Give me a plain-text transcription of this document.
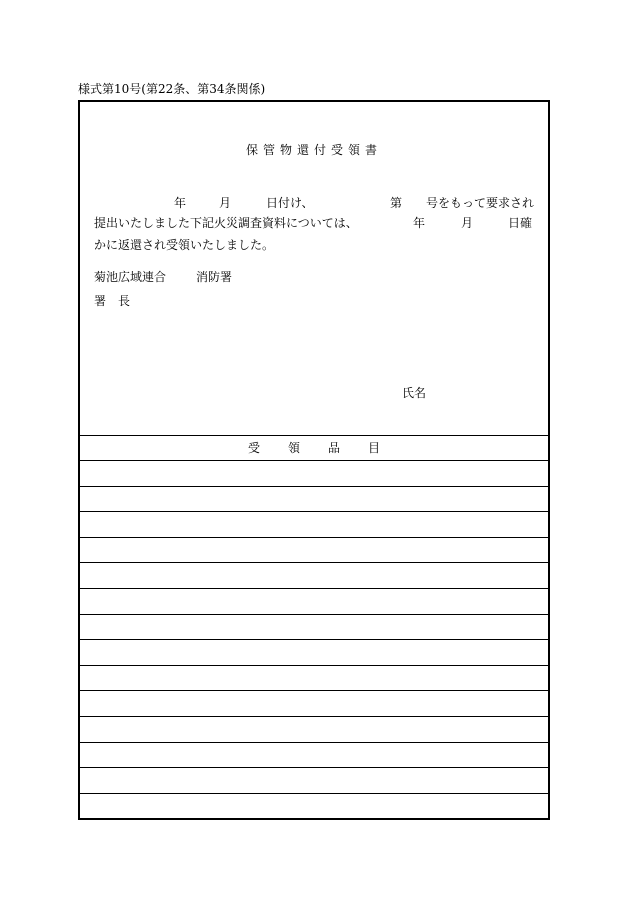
様式第10号(第22条、第34条関係)
保管物還付受領書
年	月	日付け、	第 号をもって要求され
提出いたしました下記火災調査資料については、	年	月	日確
かに返還され受領いたしました。
菊池広域連合 消防署
署　長
氏名
受 領 品 目
